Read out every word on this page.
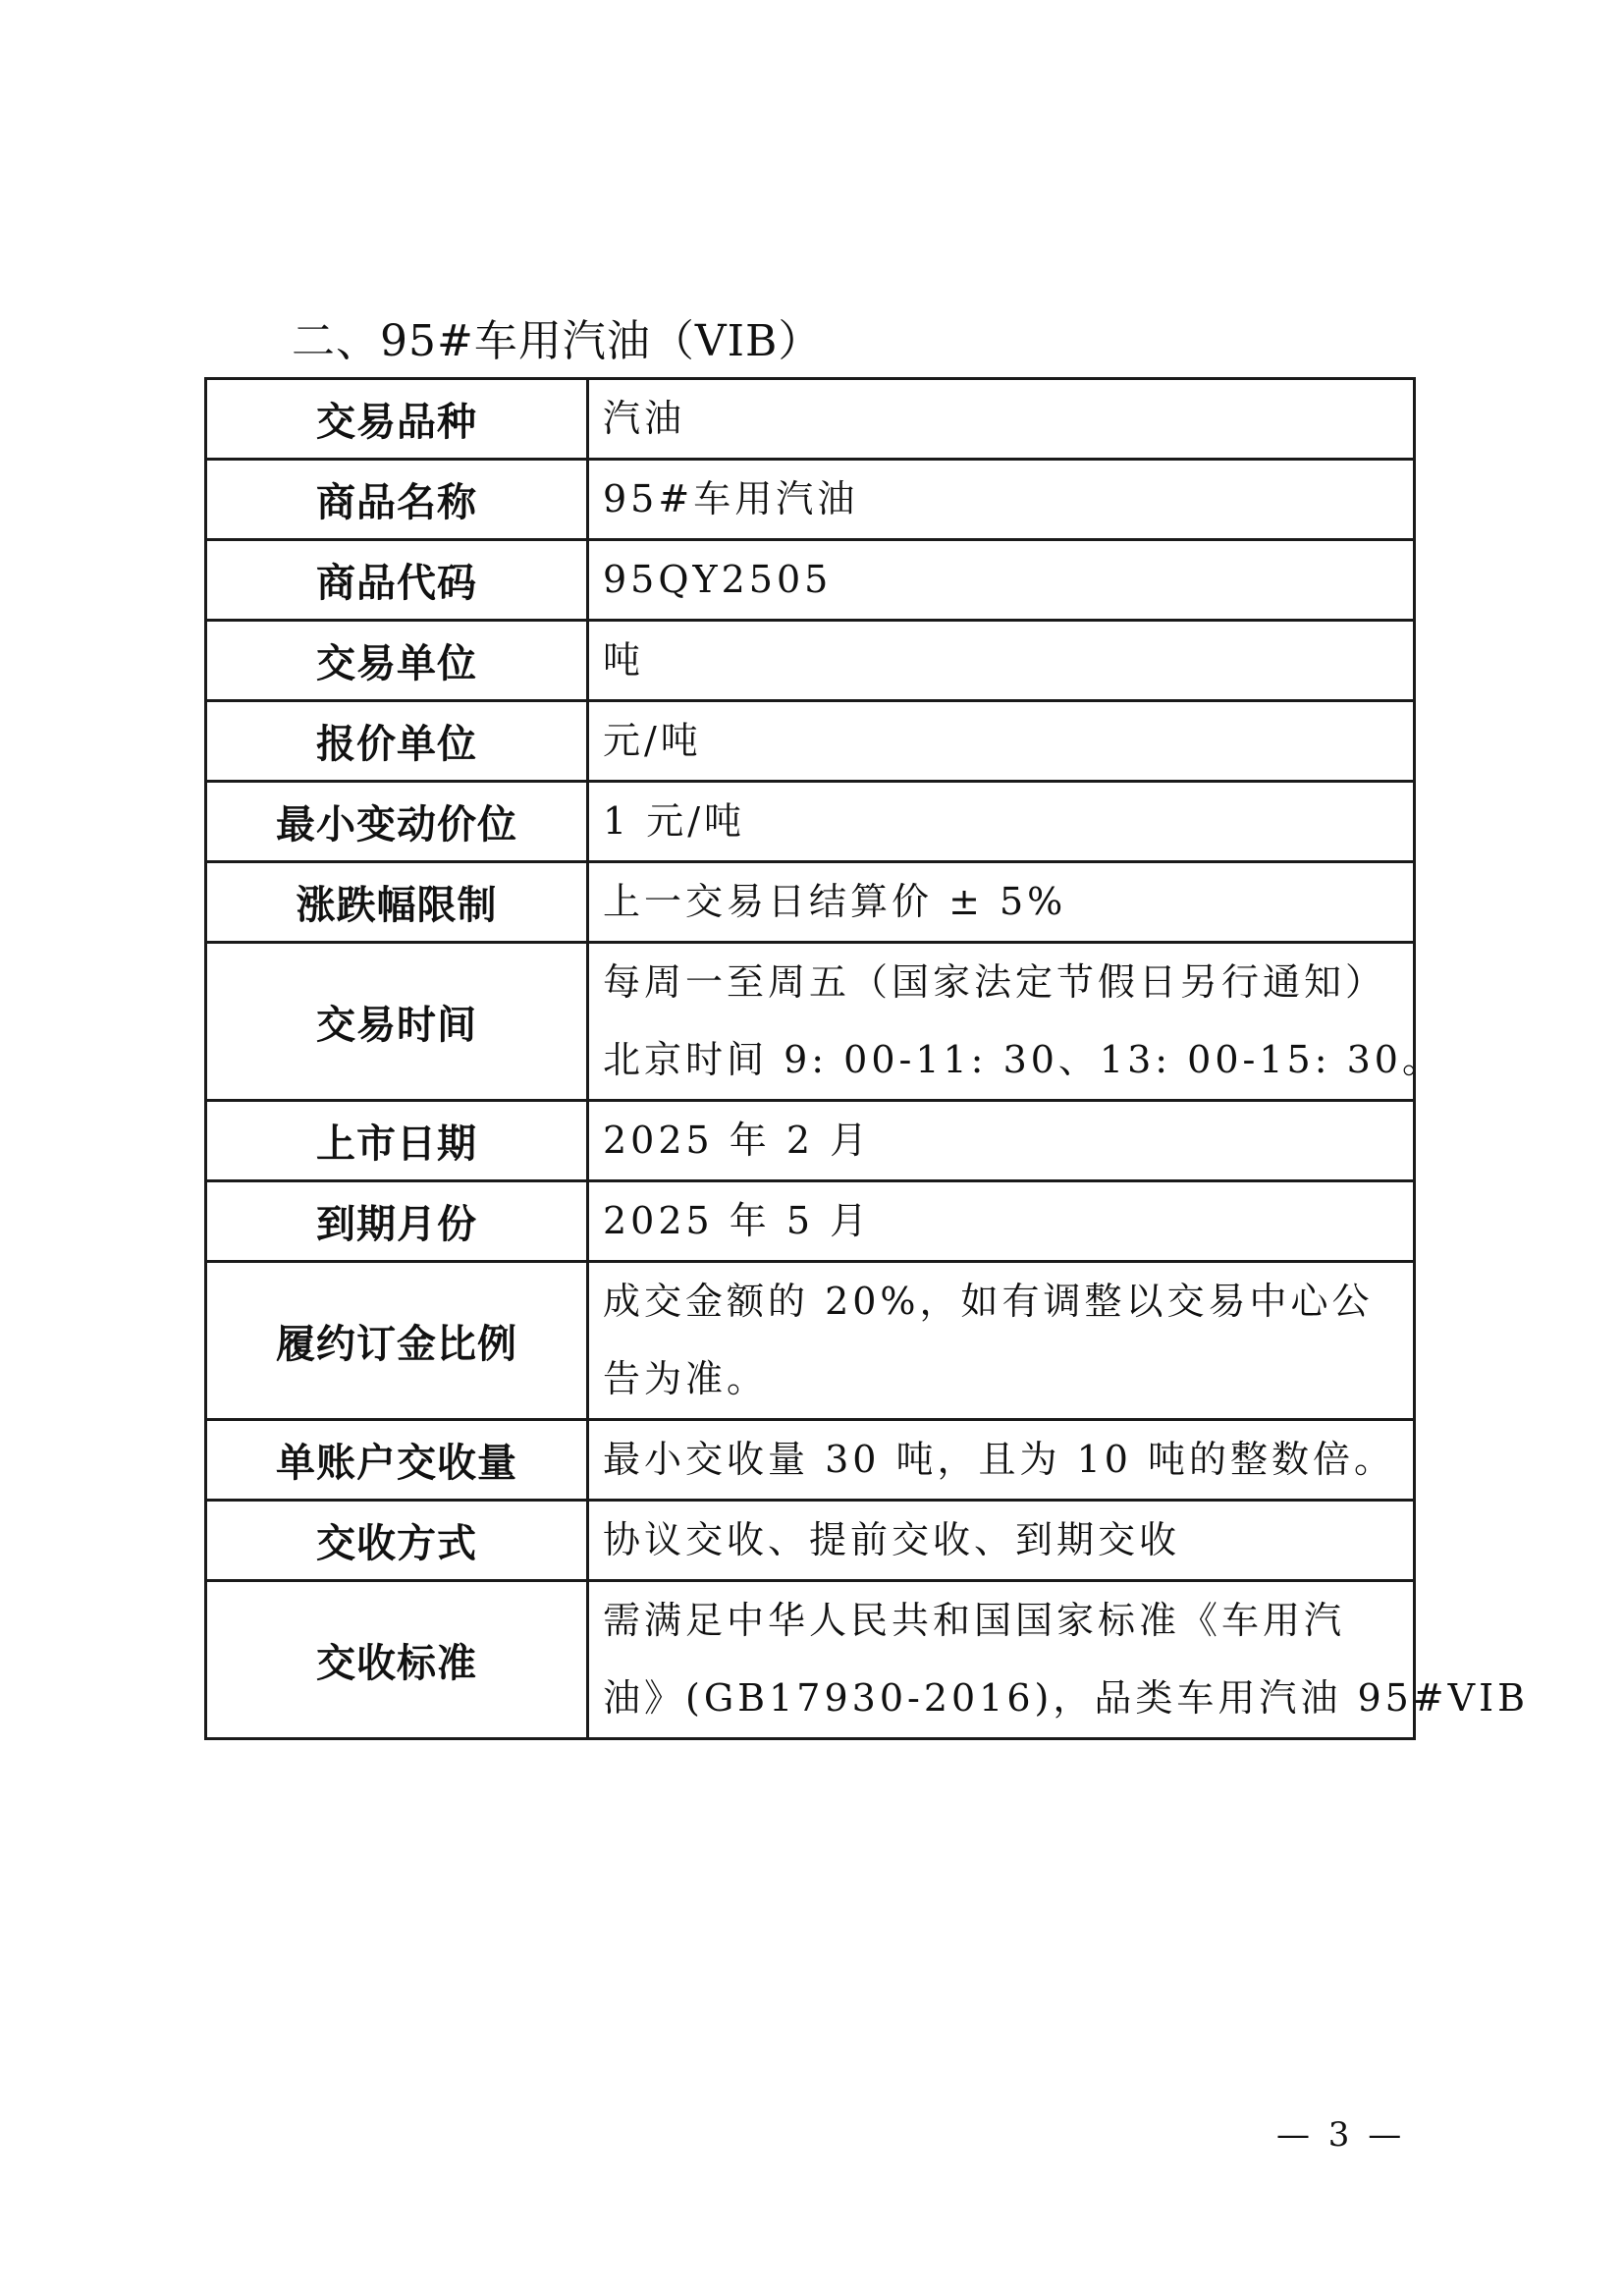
二、95#车用汽油（VIB）
交易品种	汽油

商品名称	95#车用汽油

商品代码	95QY2505

交易单位	吨

报价单位	元/吨

最小变动价位	1 元/吨

涨跌幅限制	上一交易日结算价 ± 5%

交易时间	每周一至周五（国家法定节假日另行通知）
北京时间 9: 00-11: 30、13: 00-15: 30。

上市日期	2025 年 2 月

到期月份	2025 年 5 月

履约订金比例	成交金额的 20%，如有调整以交易中心公
告为准。

单账户交收量	最小交收量 30 吨，且为 10 吨的整数倍。

交收方式	协议交收、提前交收、到期交收

交收标准	需满足中华人民共和国国家标准《车用汽
油》(GB17930-2016)，品类车用汽油 95#VIB
— 3 —
